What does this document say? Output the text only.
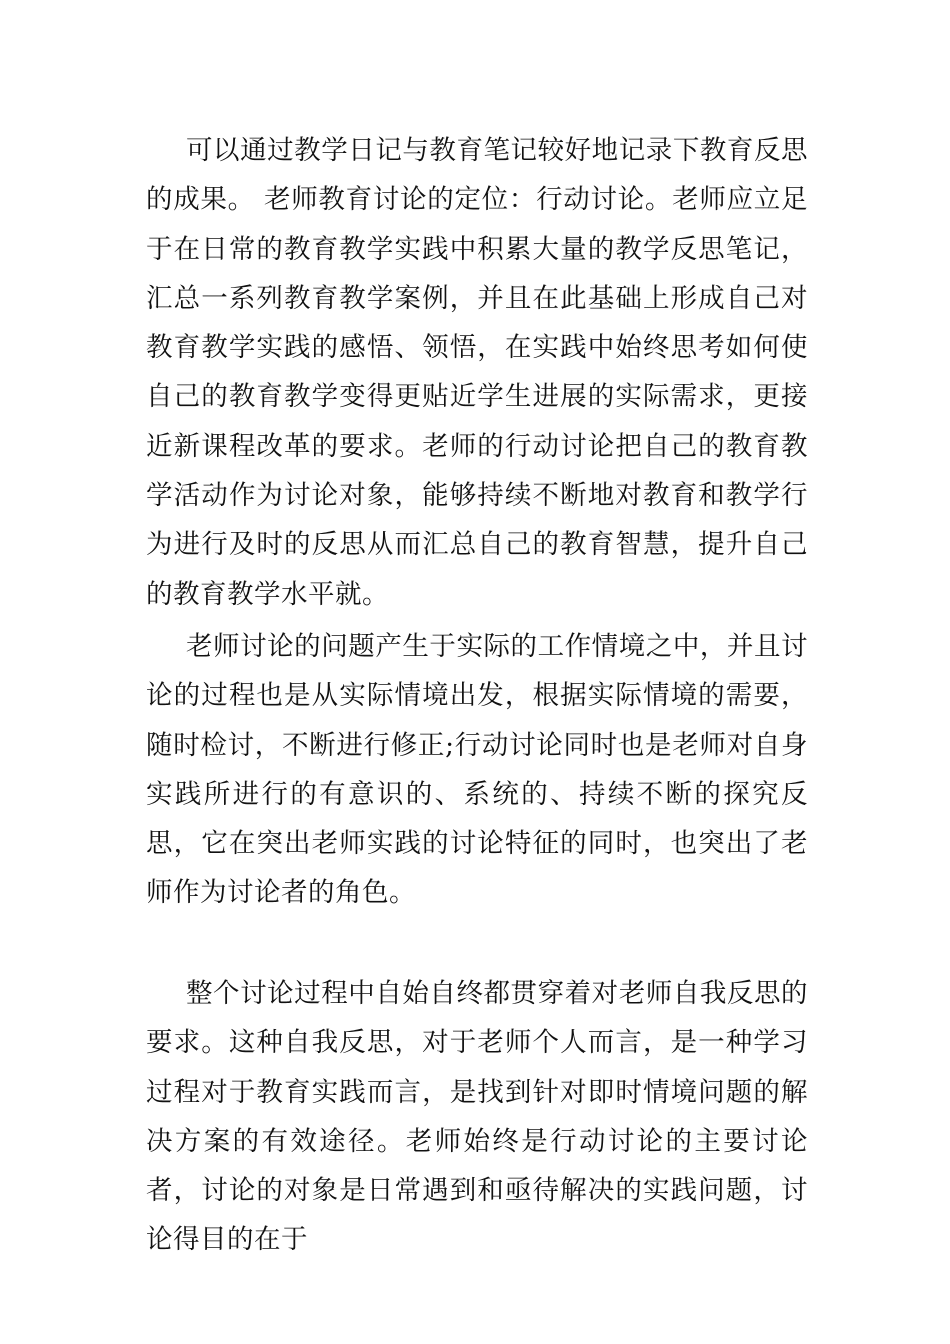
可以通过教学日记与教育笔记较好地记录下教育反思的成果。 老师教育讨论的定位：行动讨论。老师应立足于在日常的教育教学实践中积累大量的教学反思笔记，汇总一系列教育教学案例，并且在此基础上形成自己对教育教学实践的感悟、领悟，在实践中始终思考如何使自己的教育教学变得更贴近学生进展的实际需求，更接近新课程改革的要求。老师的行动讨论把自己的教育教学活动作为讨论对象，能够持续不断地对教育和教学行为进行及时的反思从而汇总自己的教育智慧，提升自己的教育教学水平就。

老师讨论的问题产生于实际的工作情境之中，并且讨论的过程也是从实际情境出发，根据实际情境的需要，随时检讨，不断进行修正;行动讨论同时也是老师对自身实践所进行的有意识的、系统的、持续不断的探究反思，它在突出老师实践的讨论特征的同时，也突出了老师作为讨论者的角色。

整个讨论过程中自始自终都贯穿着对老师自我反思的要求。这种自我反思，对于老师个人而言，是一种学习过程对于教育实践而言，是找到针对即时情境问题的解决方案的有效途径。老师始终是行动讨论的主要讨论者，讨论的对象是日常遇到和亟待解决的实践问题，讨论得目的在于
